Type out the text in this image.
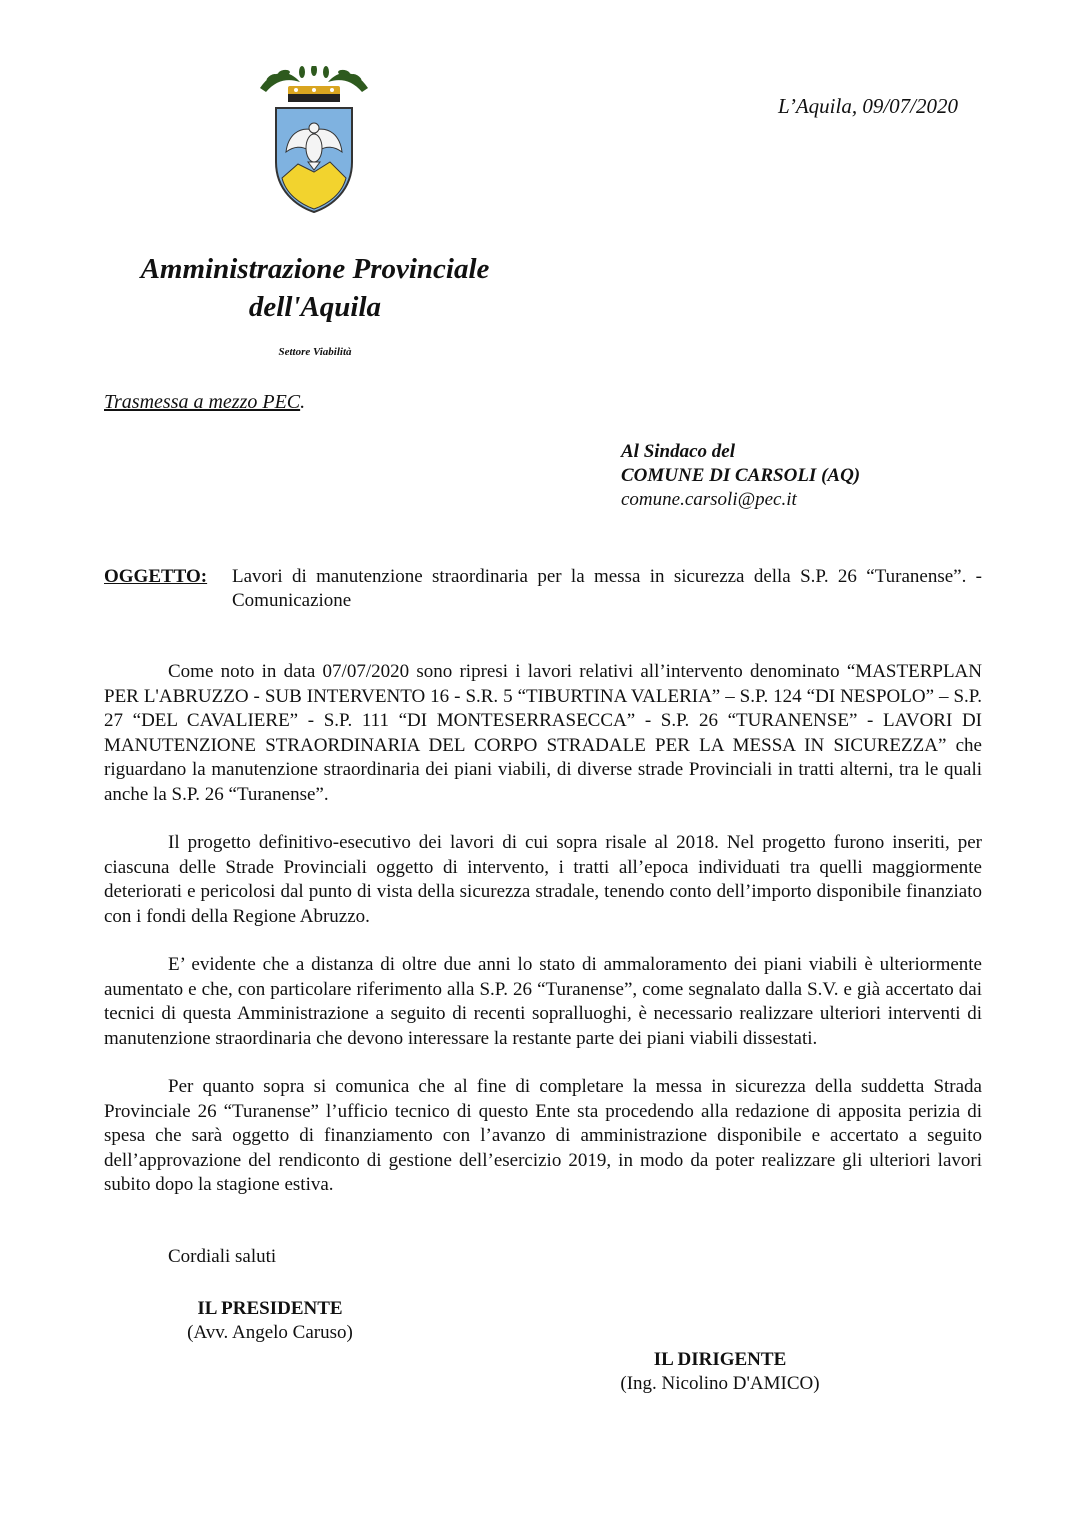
L’Aquila, 09/07/2020
Amministrazione Provinciale
dell'Aquila
Settore Viabilità
Trasmessa a mezzo PEC.
Al Sindaco del
COMUNE DI CARSOLI (AQ)
comune.carsoli@pec.it
OGGETTO: Lavori di manutenzione straordinaria per la messa in sicurezza della S.P. 26 “Turanense”. - Comunicazione

Come noto in data 07/07/2020 sono ripresi i lavori relativi all’intervento denominato “MASTERPLAN PER L'ABRUZZO - SUB INTERVENTO 16 - S.R. 5 “TIBURTINA VALERIA” – S.P. 124 “DI NESPOLO” – S.P. 27 “DEL CAVALIERE” - S.P. 111 “DI MONTESERRASECCA” - S.P. 26 “TURANENSE” - LAVORI DI MANUTENZIONE STRAORDINARIA DEL CORPO STRADALE PER LA MESSA IN SICUREZZA” che riguardano la manutenzione straordinaria dei piani viabili, di diverse strade Provinciali in tratti alterni, tra le quali anche la S.P. 26 “Turanense”.

Il progetto definitivo-esecutivo dei lavori di cui sopra risale al 2018. Nel progetto furono inseriti, per ciascuna delle Strade Provinciali oggetto di intervento, i tratti all’epoca individuati tra quelli maggiormente deteriorati e pericolosi dal punto di vista della sicurezza stradale, tenendo conto dell’importo disponibile finanziato con i fondi della Regione Abruzzo.

E’ evidente che a distanza di oltre due anni lo stato di ammaloramento dei piani viabili è ulteriormente aumentato e che, con particolare riferimento alla S.P. 26 “Turanense”, come segnalato dalla S.V. e già accertato dai tecnici di questa Amministrazione a seguito di recenti sopralluoghi, è necessario realizzare ulteriori interventi di manutenzione straordinaria che devono interessare la restante parte dei piani viabili dissestati.

Per quanto sopra si comunica che al fine di completare la messa in sicurezza della suddetta Strada Provinciale 26 “Turanense” l’ufficio tecnico di questo Ente sta procedendo alla redazione di apposita perizia di spesa che sarà oggetto di finanziamento con l’avanzo di amministrazione disponibile e accertato a seguito dell’approvazione del rendiconto di gestione dell’esercizio 2019, in modo da poter realizzare gli ulteriori lavori subito dopo la stagione estiva.

Cordiali saluti
IL PRESIDENTE
(Avv. Angelo Caruso)
IL DIRIGENTE
(Ing. Nicolino D'AMICO)
